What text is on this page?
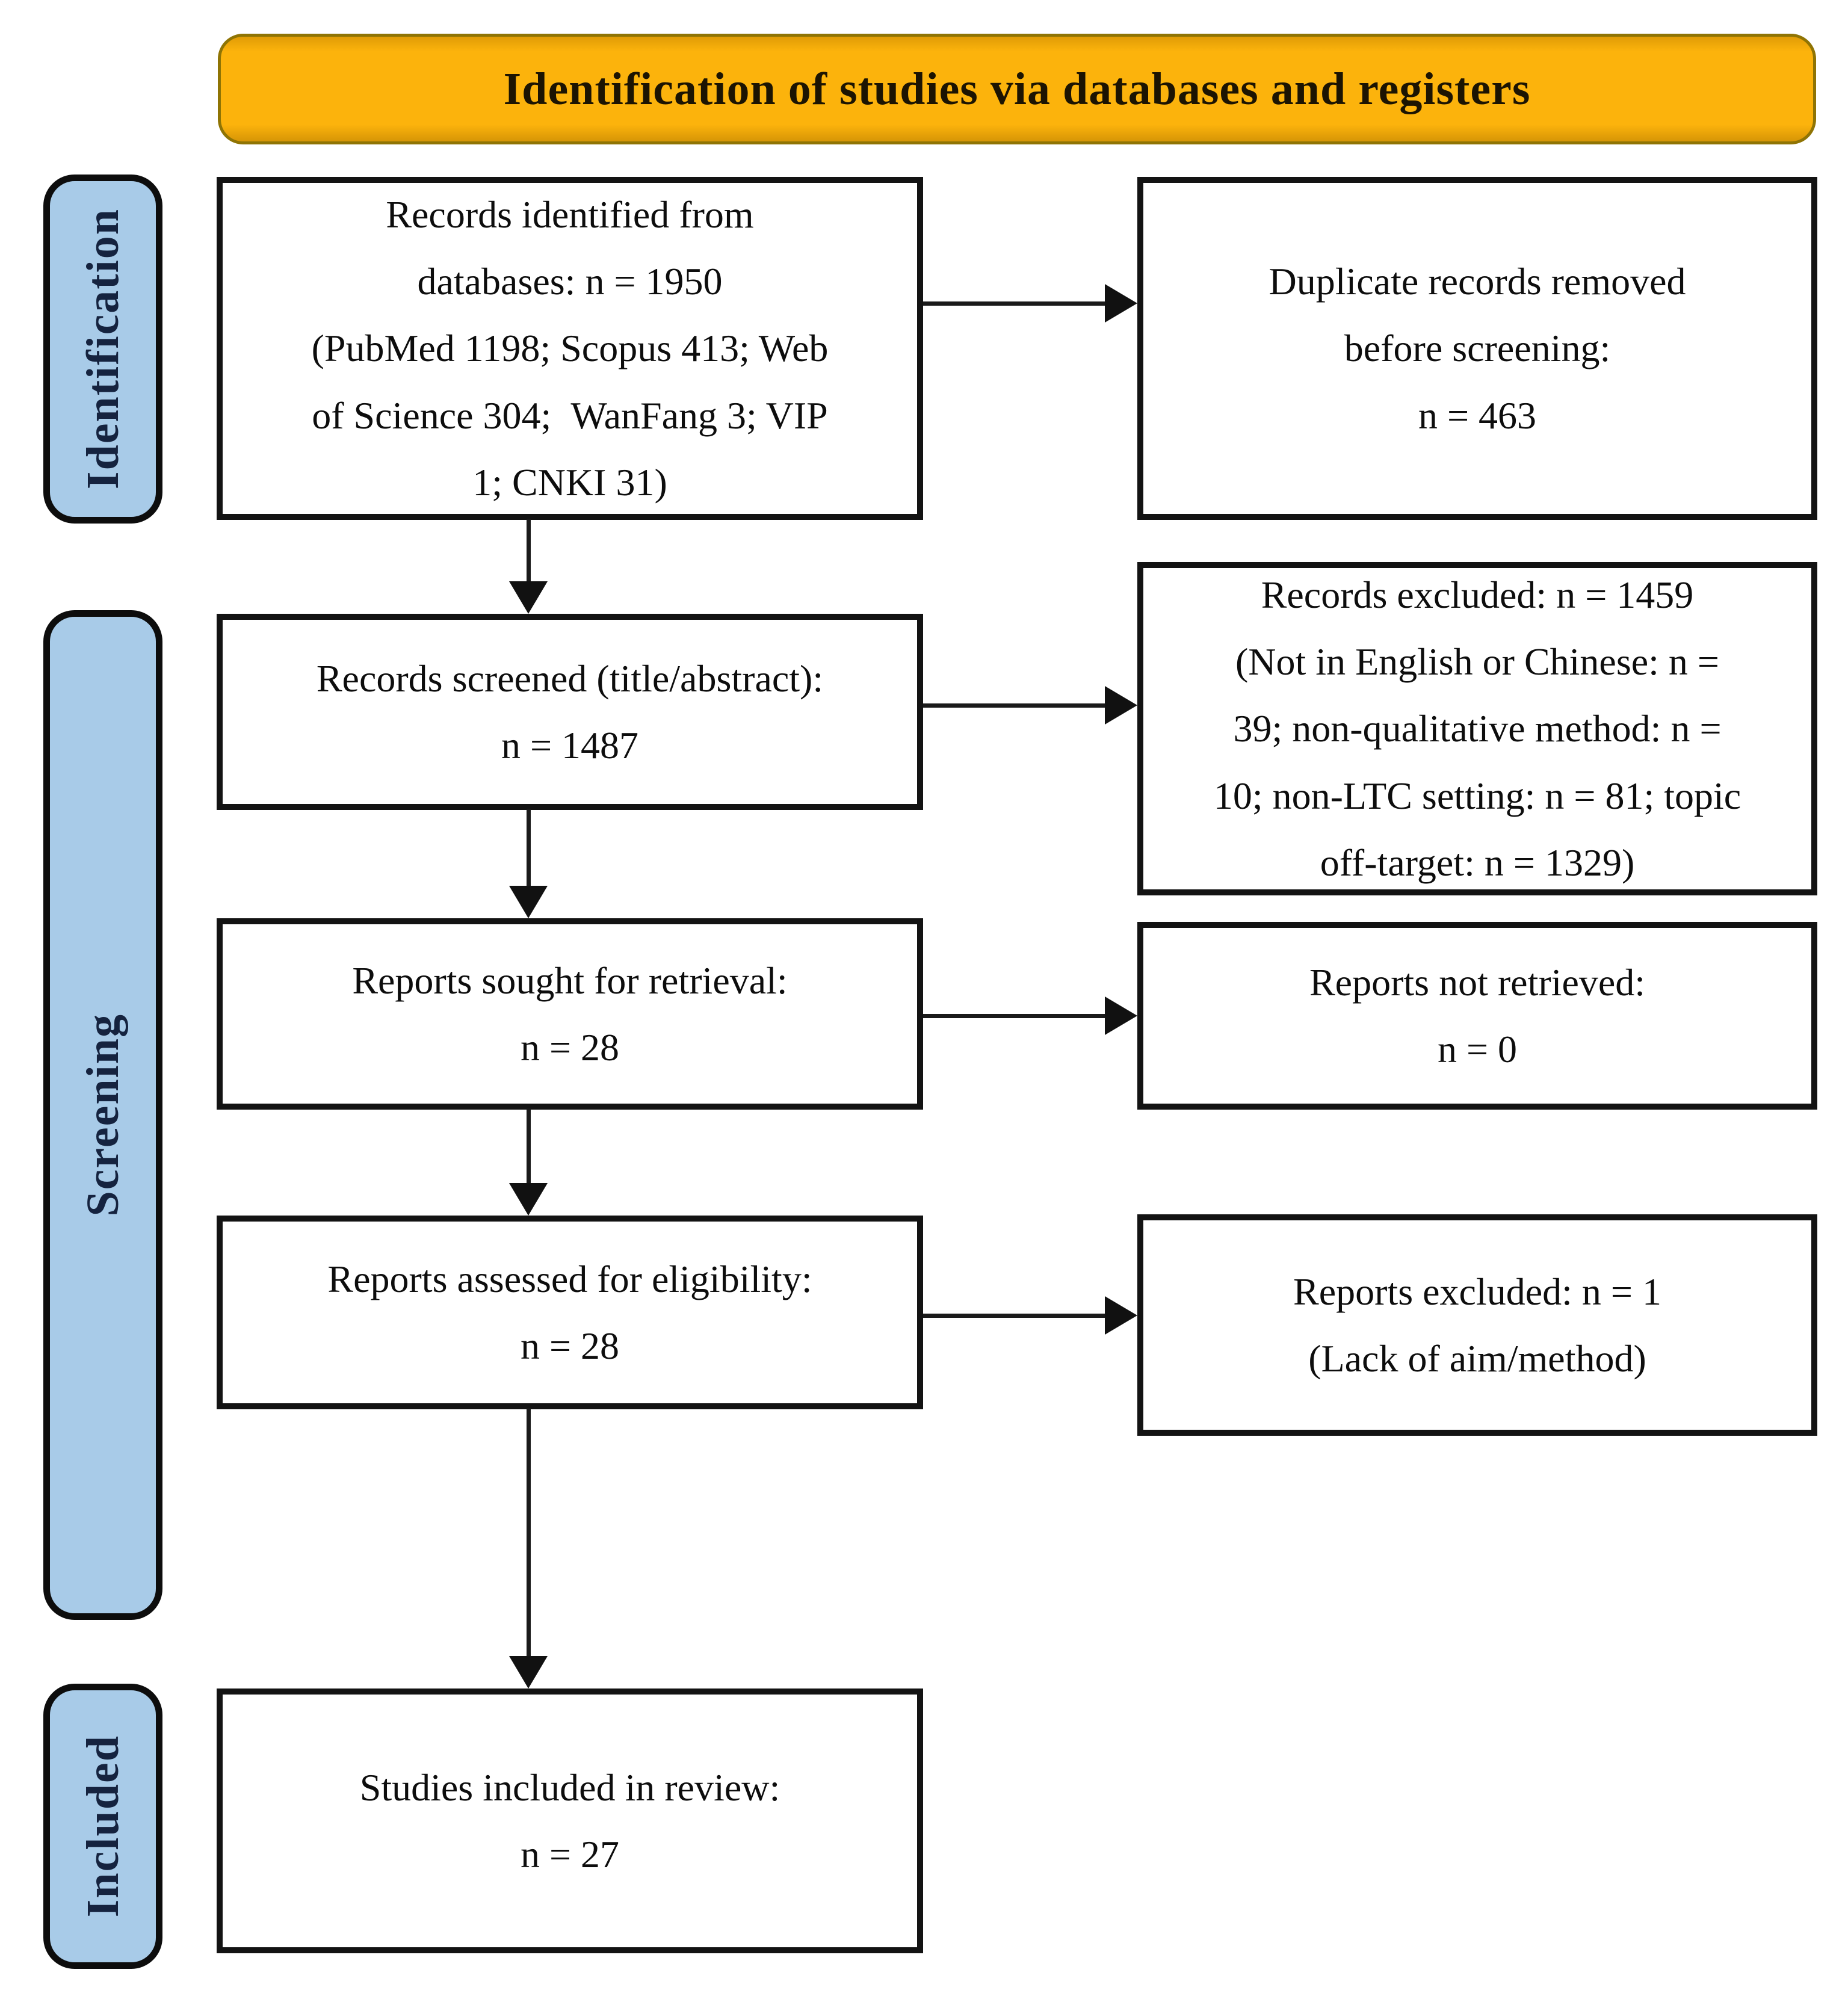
Identification of studies via databases and registers
Identification
Screening
Included
Records identified from
databases: n = 1950
(PubMed 1198; Scopus 413; Web
of Science 304;  WanFang 3; VIP
1; CNKI 31)
Records screened (title/abstract):
n = 1487
Reports sought for retrieval:
n = 28
Reports assessed for eligibility:
n = 28
Studies included in review:
n = 27
Duplicate records removed
before screening:
n = 463
Records excluded: n = 1459
(Not in English or Chinese: n =
39; non-qualitative method: n =
10; non-LTC setting: n = 81; topic
off-target: n = 1329)
Reports not retrieved:
n = 0
Reports excluded: n = 1
(Lack of aim/method)
